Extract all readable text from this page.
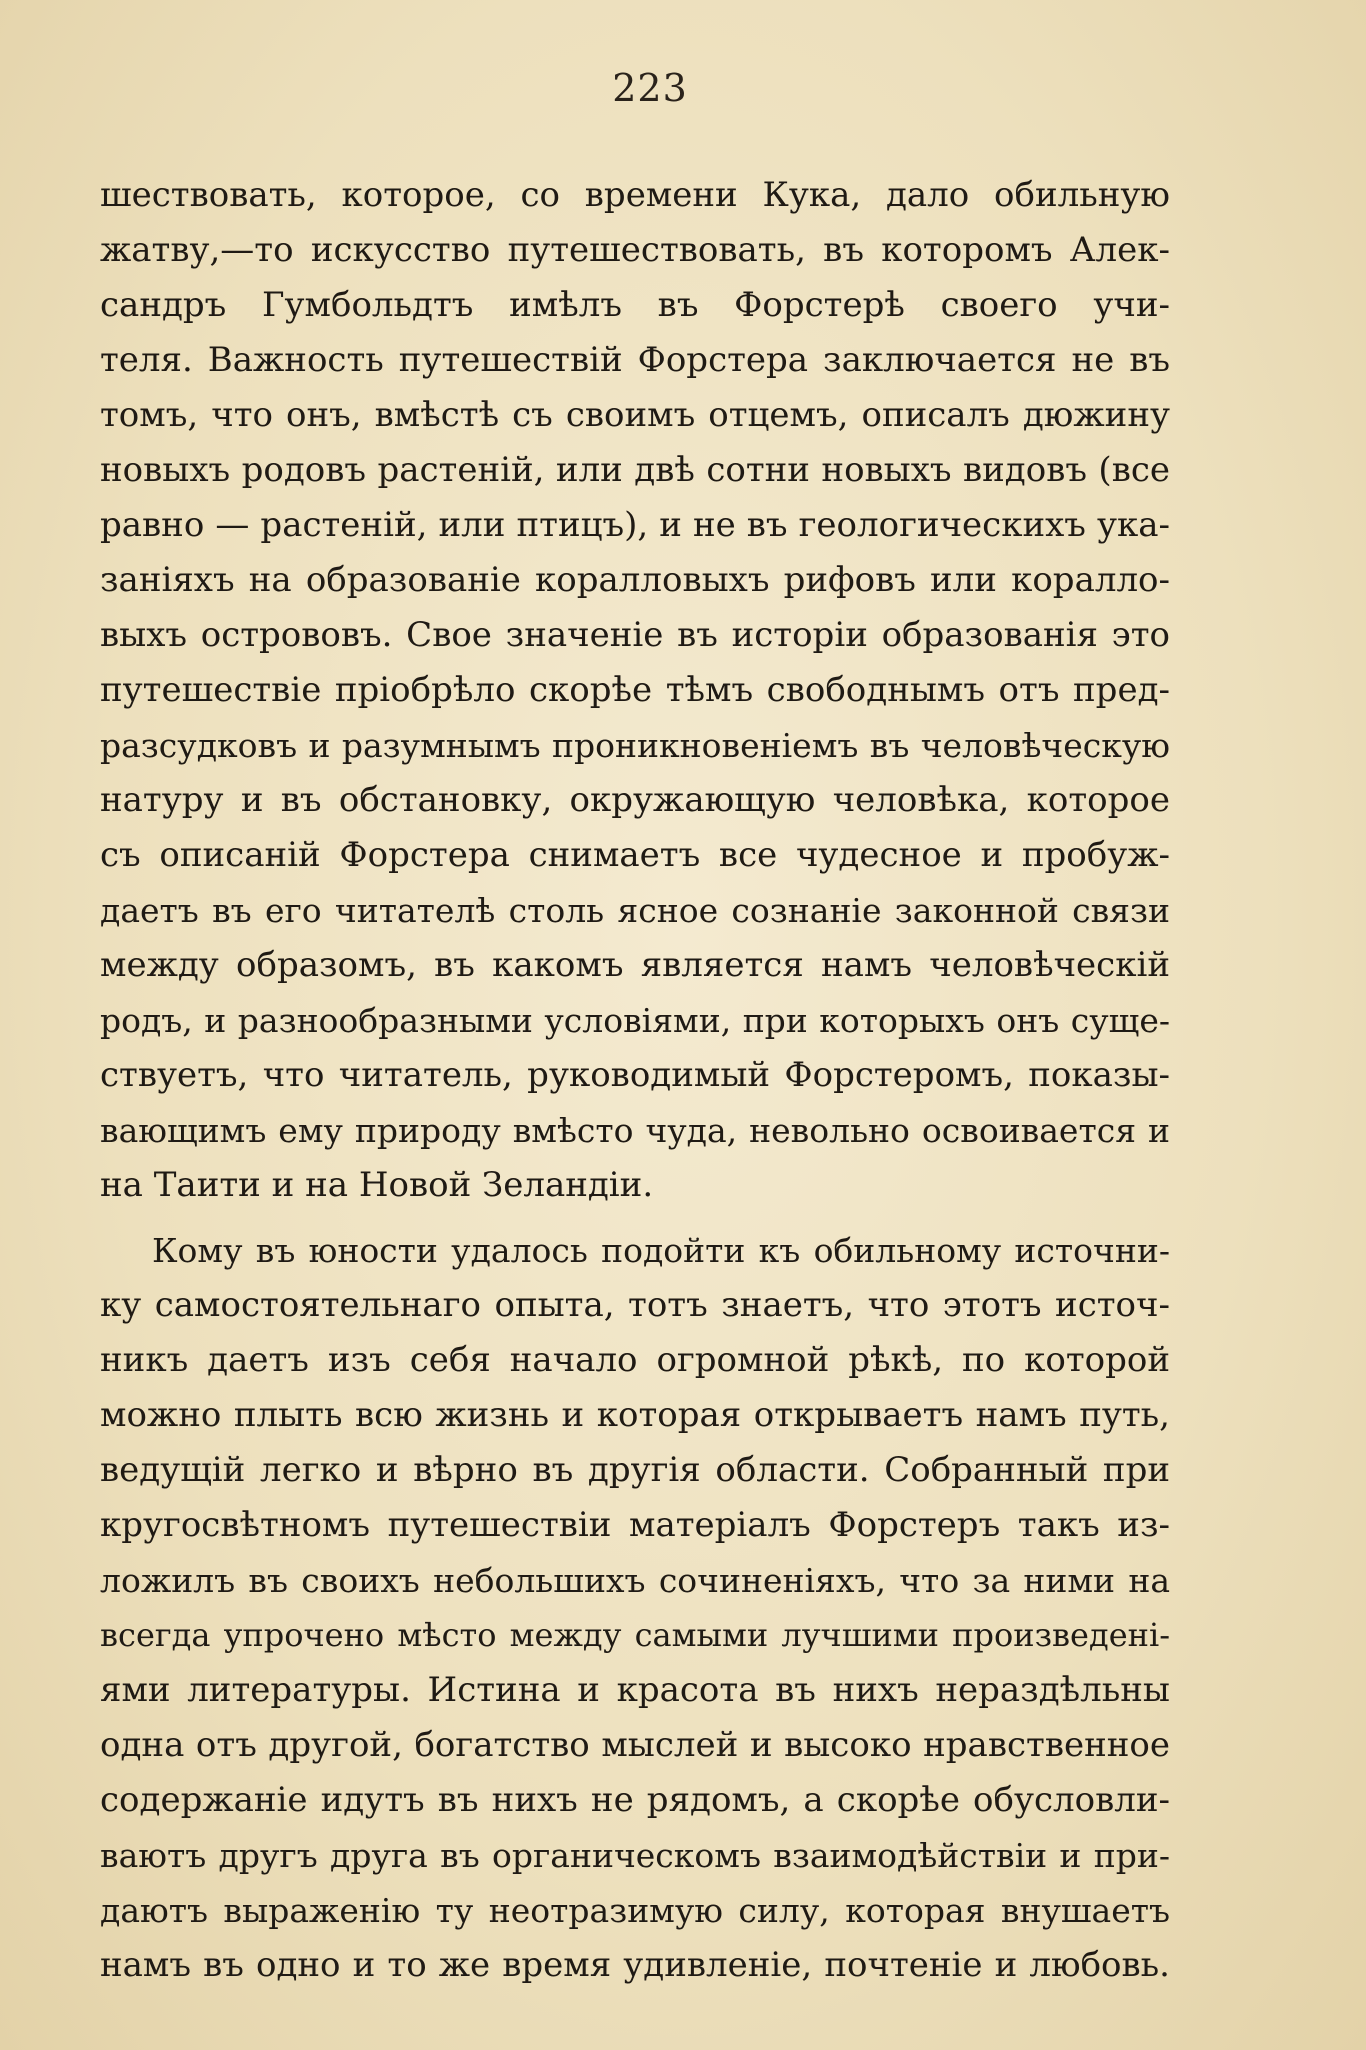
223
шествовать, которое, со времени Кука, дало обильную
жатву,—то искусство путешествовать, въ которомъ Алек-
сандръ Гумбольдтъ имѣлъ въ Форстерѣ своего учи-
теля. Важность путешествій Форстера заключается не въ
томъ, что онъ, вмѣстѣ съ своимъ отцемъ, описалъ дюжину
новыхъ родовъ растеній, или двѣ сотни новыхъ видовъ (все
равно — растеній, или птицъ), и не въ геологическихъ ука-
заніяхъ на образованіе коралловыхъ рифовъ или коралло-
выхъ острововъ. Свое значеніе въ исторіи образованія это
путешествіе пріобрѣло скорѣе тѣмъ свободнымъ отъ пред-
разсудковъ и разумнымъ проникновеніемъ въ человѣческую
натуру и въ обстановку, окружающую человѣка, которое
съ описаній Форстера снимаетъ все чудесное и пробуж-
даетъ въ его читателѣ столь ясное сознаніе законной связи
между образомъ, въ какомъ является намъ человѣческій
родъ, и разнообразными условіями, при которыхъ онъ суще-
ствуетъ, что читатель, руководимый Форстеромъ, показы-
вающимъ ему природу вмѣсто чуда, невольно освоивается и
на Таити и на Новой Зеландіи.
Кому въ юности удалось подойти къ обильному источни-
ку самостоятельнаго опыта, тотъ знаетъ, что этотъ источ-
никъ даетъ изъ себя начало огромной рѣкѣ, по которой
можно плыть всю жизнь и которая открываетъ намъ путь,
ведущій легко и вѣрно въ другія области. Собранный при
кругосвѣтномъ путешествіи матеріалъ Форстеръ такъ из-
ложилъ въ своихъ небольшихъ сочиненіяхъ, что за ними на
всегда упрочено мѣсто между самыми лучшими произведені-
ями литературы. Истина и красота въ нихъ нераздѣльны
одна отъ другой, богатство мыслей и высоко нравственное
содержаніе идутъ въ нихъ не рядомъ, а скорѣе обусловли-
ваютъ другъ друга въ органическомъ взаимодѣйствіи и при-
даютъ выраженію ту неотразимую силу, которая внушаетъ
намъ въ одно и то же время удивленіе, почтеніе и любовь.
